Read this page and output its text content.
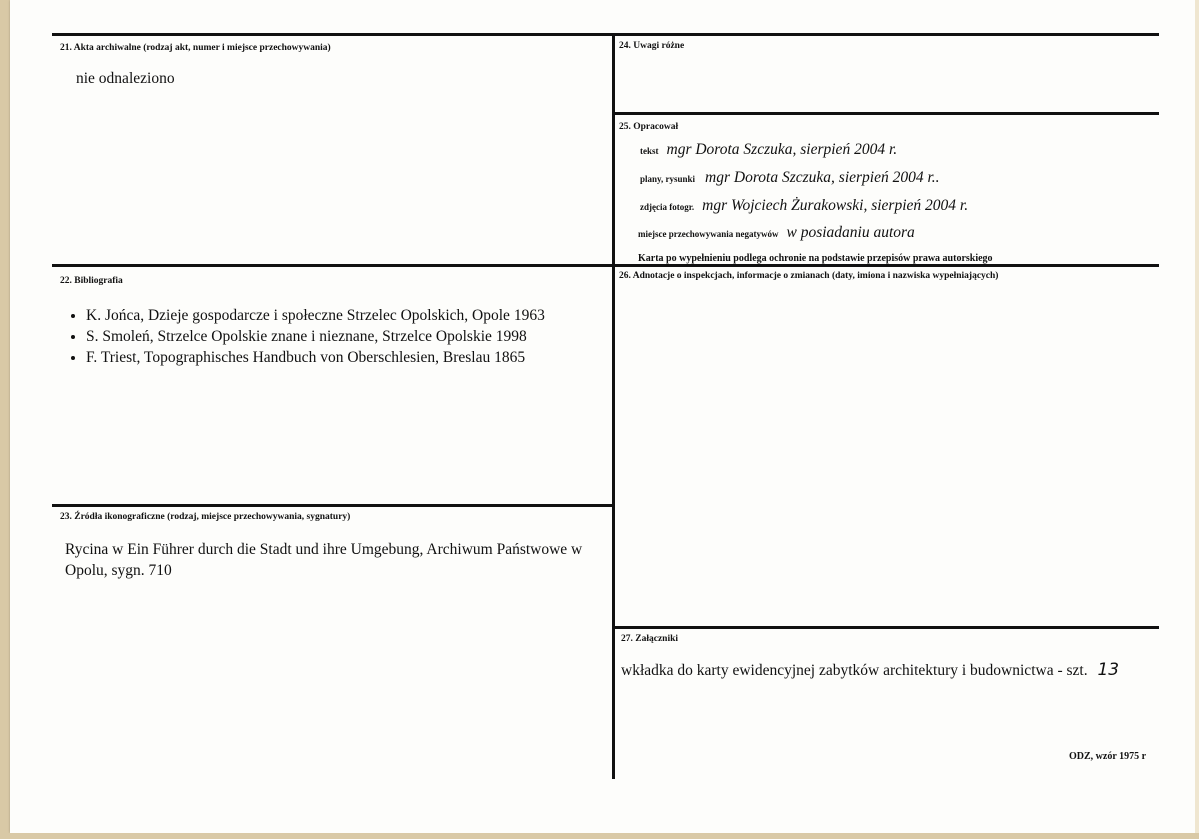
21. Akta archiwalne (rodzaj akt, numer i miejsce przechowywania)
nie odnaleziono
22. Bibliografia
• K. Jońca, Dzieje gospodarcze i społeczne Strzelec Opolskich, Opole 1963
• S. Smoleń, Strzelce Opolskie znane i nieznane, Strzelce Opolskie 1998
• F. Triest, Topographisches Handbuch von Oberschlesien, Breslau 1865
23. Źródła ikonograficzne (rodzaj, miejsce przechowywania, sygnatury)
Rycina w Ein Führer durch die Stadt und ihre Umgebung, Archiwum Państwowe w Opolu, sygn. 710
24. Uwagi różne
25. Opracował
tekst mgr Dorota Szczuka, sierpień 2004 r.
plany, rysunki mgr Dorota Szczuka, sierpień 2004 r..
zdjęcia fotogr. mgr Wojciech Żurakowski, sierpień 2004 r.
miejsce przechowywania negatywów w posiadaniu autora
Karta po wypełnieniu podlega ochronie na podstawie przepisów prawa autorskiego
26. Adnotacje o inspekcjach, informacje o zmianach (daty, imiona i nazwiska wypełniających)
27. Załączniki
wkładka do karty ewidencyjnej zabytków architektury i budownictwa - szt. 13
ODZ, wzór 1975 r
